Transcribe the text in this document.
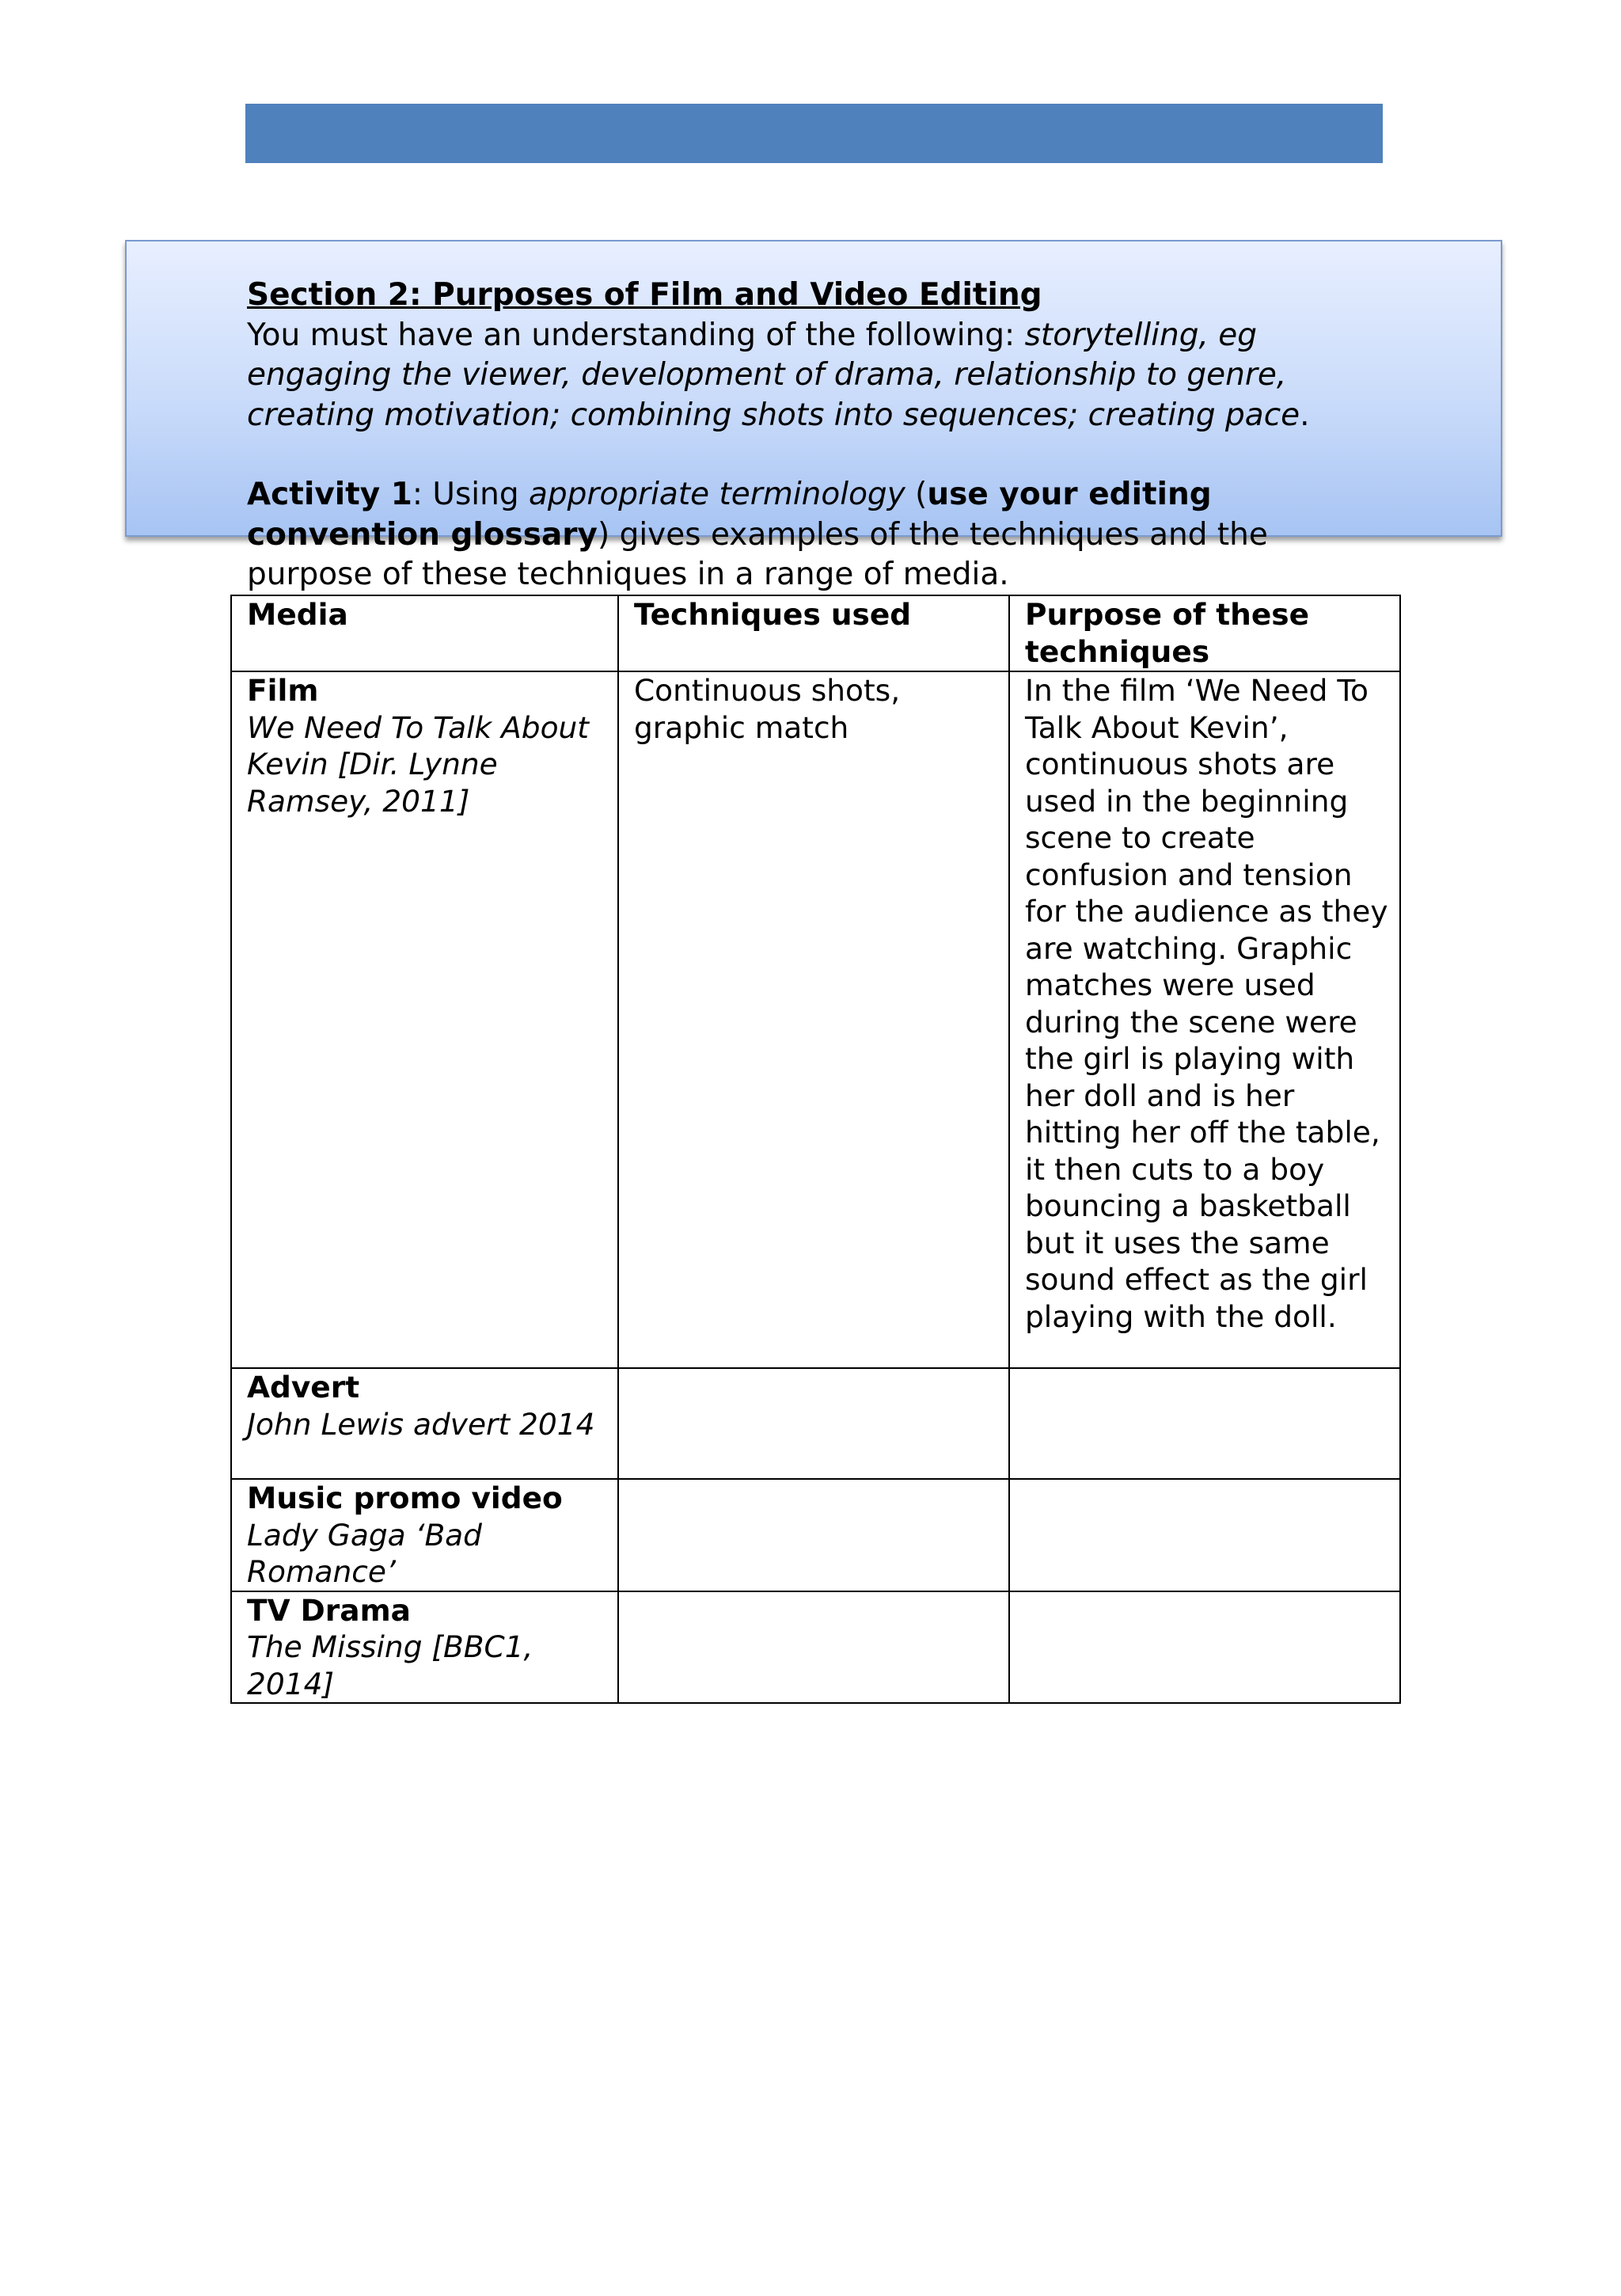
Section 2: Purposes of Film and Video Editing

You must have an understanding of the following: storytelling, eg engaging the viewer, development of drama, relationship to genre, creating motivation; combining shots into sequences; creating pace.

Activity 1: Using appropriate terminology (use your editing convention glossary) gives examples of the techniques and the purpose of these techniques in a range of media.

Media	Techniques used	Purpose of these techniques

Film
We Need To Talk About Kevin [Dir. Lynne Ramsey, 2011]	Continuous shots, graphic match	In the film ‘We Need To Talk About Kevin’, continuous shots are used in the beginning scene to create confusion and tension for the audience as they are watching. Graphic matches were used during the scene were the girl is playing with her doll and is her hitting her off the table, it then cuts to a boy bouncing a basketball but it uses the same sound effect as the girl playing with the doll.

Advert
John Lewis advert 2014		

Music promo video
Lady Gaga ‘Bad Romance’		

TV Drama
The Missing [BBC1, 2014]		
